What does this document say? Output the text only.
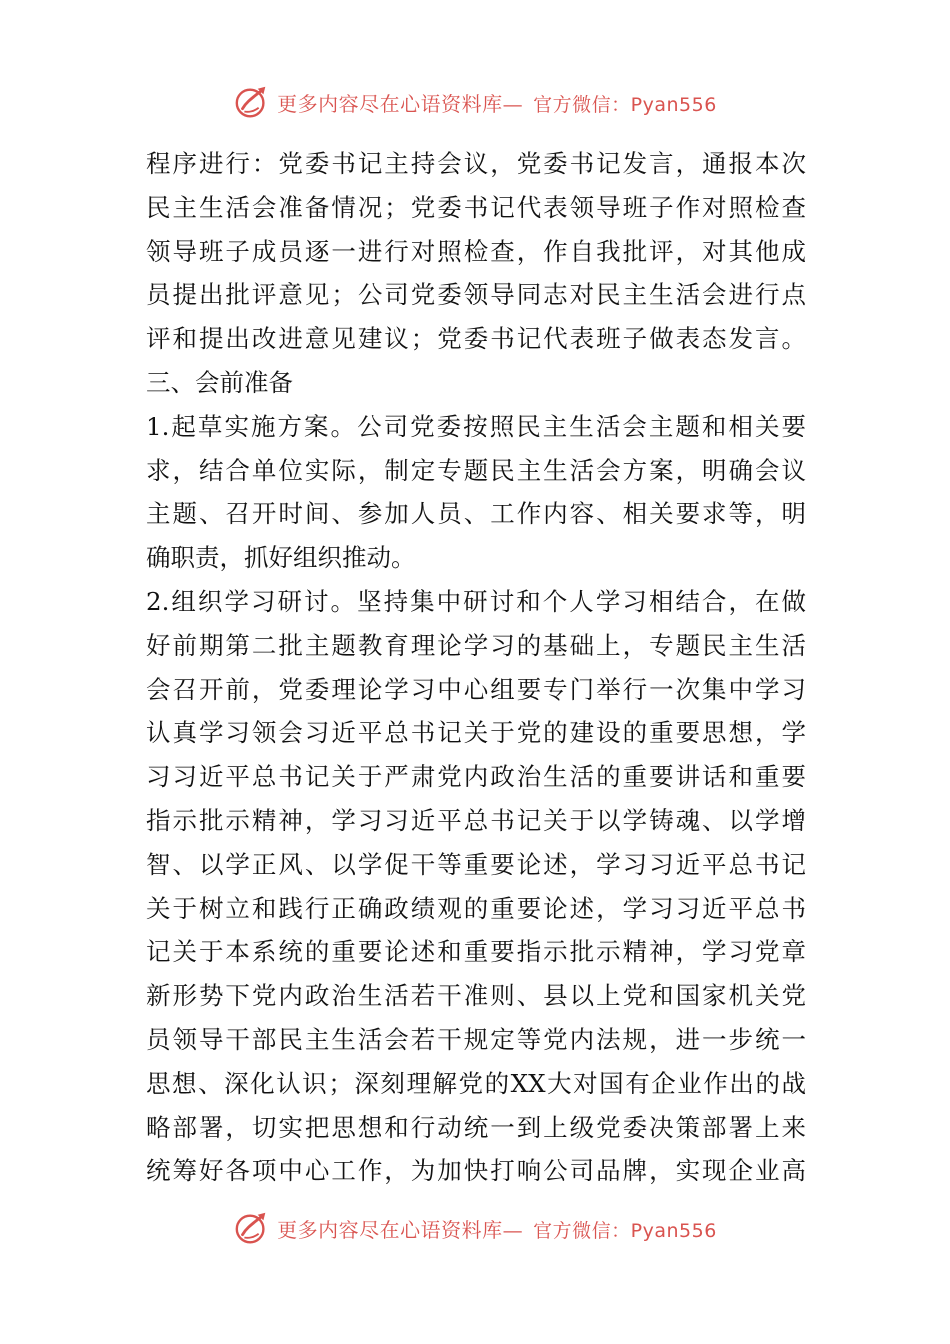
更多内容尽在心语资料库— 官方微信：Pyan556
程序进行：党委书记主持会议，党委书记发言，通报本次
民主生活会准备情况；党委书记代表领导班子作对照检查
领导班子成员逐一进行对照检查，作自我批评，对其他成
员提出批评意见；公司党委领导同志对民主生活会进行点
评和提出改进意见建议；党委书记代表班子做表态发言。
三、会前准备
1.起草实施方案。公司党委按照民主生活会主题和相关要
求，结合单位实际，制定专题民主生活会方案，明确会议
主题、召开时间、参加人员、工作内容、相关要求等，明
确职责，抓好组织推动。
2.组织学习研讨。坚持集中研讨和个人学习相结合，在做
好前期第二批主题教育理论学习的基础上，专题民主生活
会召开前，党委理论学习中心组要专门举行一次集中学习
认真学习领会习近平总书记关于党的建设的重要思想，学
习习近平总书记关于严肃党内政治生活的重要讲话和重要
指示批示精神，学习习近平总书记关于以学铸魂、以学增
智、以学正风、以学促干等重要论述，学习习近平总书记
关于树立和践行正确政绩观的重要论述，学习习近平总书
记关于本系统的重要论述和重要指示批示精神，学习党章
新形势下党内政治生活若干准则、县以上党和国家机关党
员领导干部民主生活会若干规定等党内法规，进一步统一
思想、深化认识；深刻理解党的XX大对国有企业作出的战
略部署，切实把思想和行动统一到上级党委决策部署上来
统筹好各项中心工作，为加快打响公司品牌，实现企业高
更多内容尽在心语资料库— 官方微信：Pyan556
